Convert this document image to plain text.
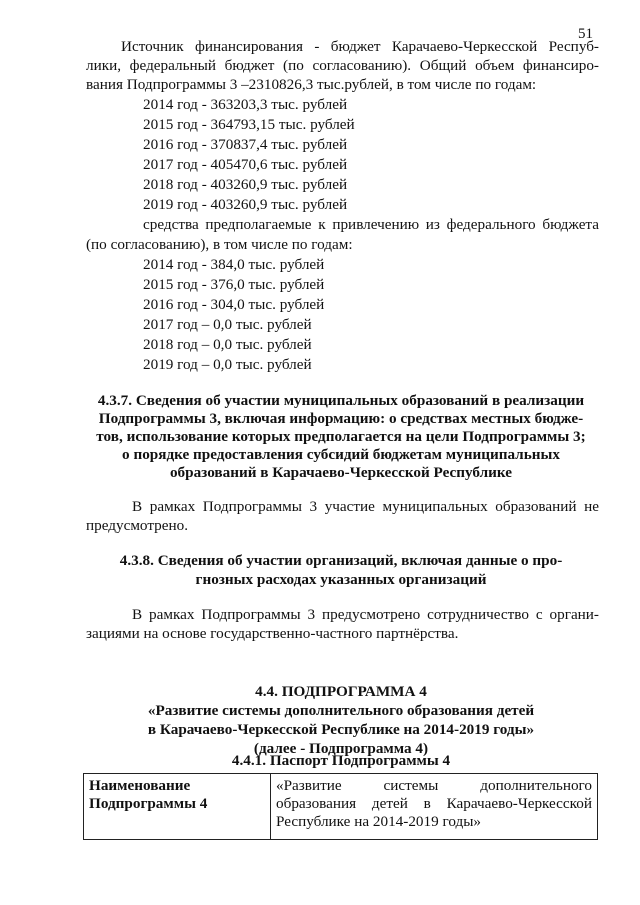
51
Источник финансирования - бюджет Карачаево-Черкесской Респуб-
лики, федеральный бюджет (по согласованию). Общий объем финансиро-
вания Подпрограммы 3 –2310826,3 тыс.рублей, в том числе по годам:
2014 год - 363203,3 тыс. рублей
2015 год - 364793,15 тыс. рублей
2016 год - 370837,4 тыс. рублей
2017 год - 405470,6 тыс. рублей
2018 год - 403260,9 тыс. рублей
2019 год - 403260,9 тыс. рублей
средства предполагаемые к привлечению из федерального бюджета
(по согласованию), в том числе по годам:
2014 год - 384,0 тыс. рублей
2015 год - 376,0 тыс. рублей
2016 год - 304,0 тыс. рублей
2017 год – 0,0 тыс. рублей
2018 год – 0,0 тыс. рублей
2019 год – 0,0 тыс. рублей
4.3.7. Сведения об участии муниципальных образований в реализации
Подпрограммы 3, включая информацию: о средствах местных бюдже-
тов, использование которых предполагается на цели Подпрограммы 3;
о порядке предоставления субсидий бюджетам муниципальных
образований в Карачаево-Черкесской Республике
В рамках Подпрограммы 3 участие муниципальных образований не
предусмотрено.
4.3.8. Сведения об участии организаций, включая данные о про-
гнозных расходах указанных организаций
В рамках Подпрограммы 3 предусмотрено сотрудничество с органи-
зациями на основе государственно-частного партнёрства.
4.4. ПОДПРОГРАММА 4
«Развитие системы дополнительного образования детей
в Карачаево-Черкесской Республике на 2014-2019 годы»
(далее - Подпрограмма 4)
4.4.1. Паспорт Подпрограммы 4
Наименование Подпрограммы 4	«Развитие системы дополнительного образования детей в Карачаево-Черкесской Республике на 2014-2019 годы»
